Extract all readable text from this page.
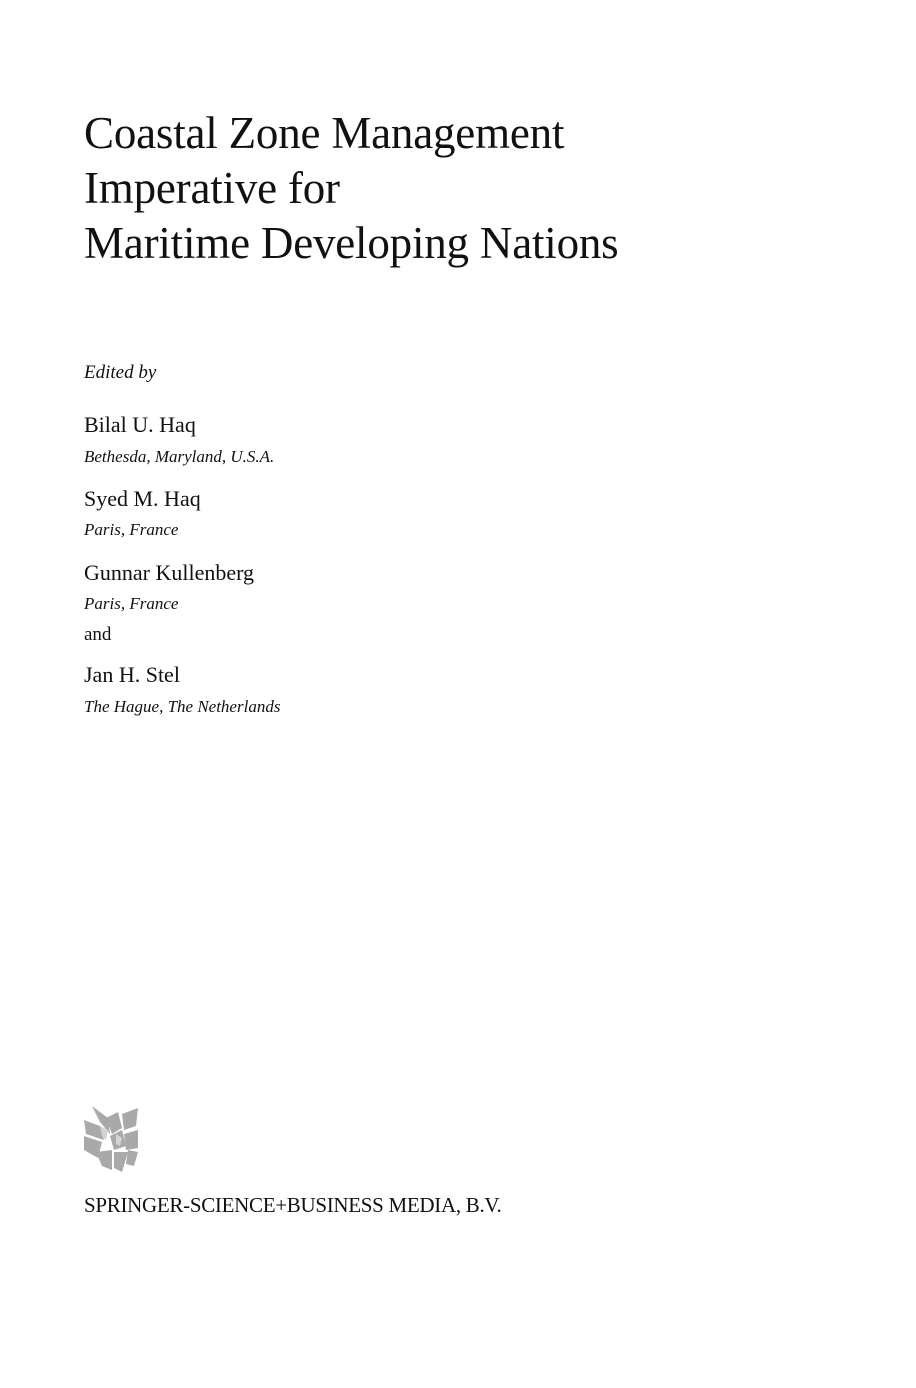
Coastal Zone Management
Imperative for
Maritime Developing Nations
Edited by
Bilal U. Haq
Bethesda, Maryland, U.S.A.
Syed M. Haq
Paris, France
Gunnar Kullenberg
Paris, France
and
Jan H. Stel
The Hague, The Netherlands
SPRINGER-SCIENCE+BUSINESS MEDIA, B.V.
